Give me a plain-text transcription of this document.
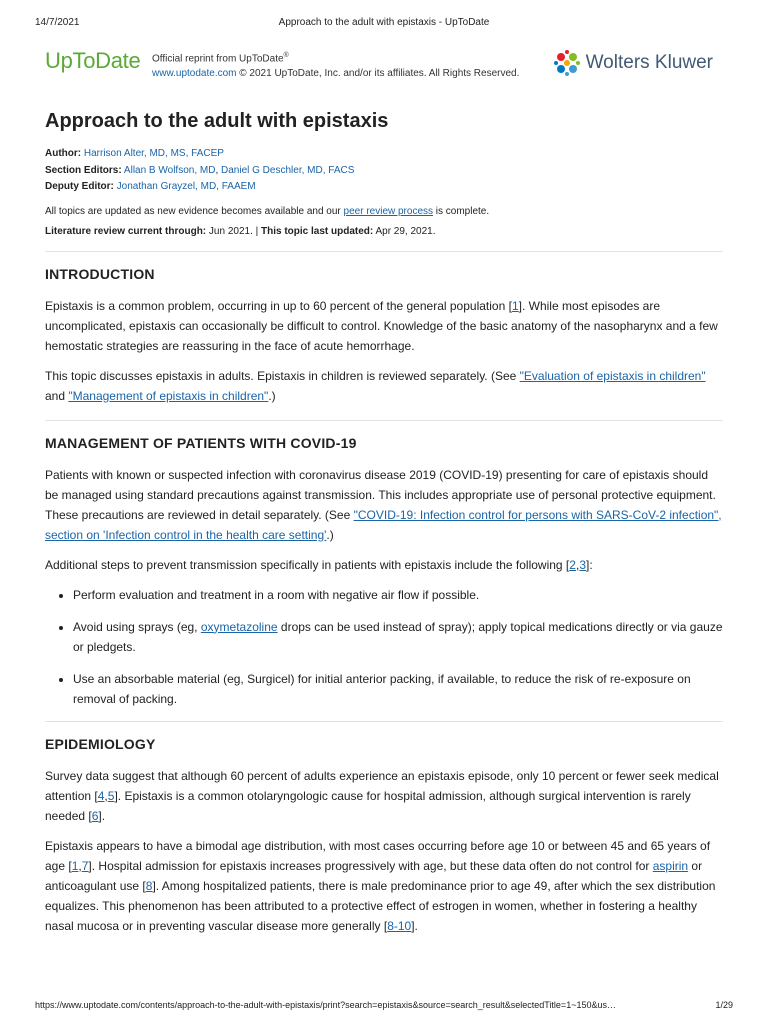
14/7/2021	Approach to the adult with epistaxis - UpToDate
UpToDate Official reprint from UpToDate®
www.uptodate.com © 2021 UpToDate, Inc. and/or its affiliates. All Rights Reserved.
Wolters Kluwer
Approach to the adult with epistaxis
Author: Harrison Alter, MD, MS, FACEP
Section Editors: Allan B Wolfson, MD, Daniel G Deschler, MD, FACS
Deputy Editor: Jonathan Grayzel, MD, FAAEM
All topics are updated as new evidence becomes available and our peer review process is complete.
Literature review current through: Jun 2021. | This topic last updated: Apr 29, 2021.
INTRODUCTION

Epistaxis is a common problem, occurring in up to 60 percent of the general population [1]. While most episodes are uncomplicated, epistaxis can occasionally be difficult to control. Knowledge of the basic anatomy of the nasopharynx and a few hemostatic strategies are reassuring in the face of acute hemorrhage.

This topic discusses epistaxis in adults. Epistaxis in children is reviewed separately. (See "Evaluation of epistaxis in children" and "Management of epistaxis in children".)

MANAGEMENT OF PATIENTS WITH COVID-19

Patients with known or suspected infection with coronavirus disease 2019 (COVID-19) presenting for care of epistaxis should be managed using standard precautions against transmission. This includes appropriate use of personal protective equipment. These precautions are reviewed in detail separately. (See "COVID-19: Infection control for persons with SARS-CoV-2 infection", section on 'Infection control in the health care setting'.)

Additional steps to prevent transmission specifically in patients with epistaxis include the following [2,3]:

• Perform evaluation and treatment in a room with negative air flow if possible.
• Avoid using sprays (eg, oxymetazoline drops can be used instead of spray); apply topical medications directly or via gauze or pledgets.
• Use an absorbable material (eg, Surgicel) for initial anterior packing, if available, to reduce the risk of re-exposure on removal of packing.
EPIDEMIOLOGY

Survey data suggest that although 60 percent of adults experience an epistaxis episode, only 10 percent or fewer seek medical attention [4,5]. Epistaxis is a common otolaryngologic cause for hospital admission, although surgical intervention is rarely needed [6].

Epistaxis appears to have a bimodal age distribution, with most cases occurring before age 10 or between 45 and 65 years of age [1,7]. Hospital admission for epistaxis increases progressively with age, but these data often do not control for aspirin or anticoagulant use [8]. Among hospitalized patients, there is male predominance prior to age 49, after which the sex distribution equalizes. This phenomenon has been attributed to a protective effect of estrogen in women, whether in fostering a healthy nasal mucosa or in preventing vascular disease more generally [8-10].

https://www.uptodate.com/contents/approach-to-the-adult-with-epistaxis/print?search=epistaxis&source=search_result&selectedTitle=1~150&us…	1/29
